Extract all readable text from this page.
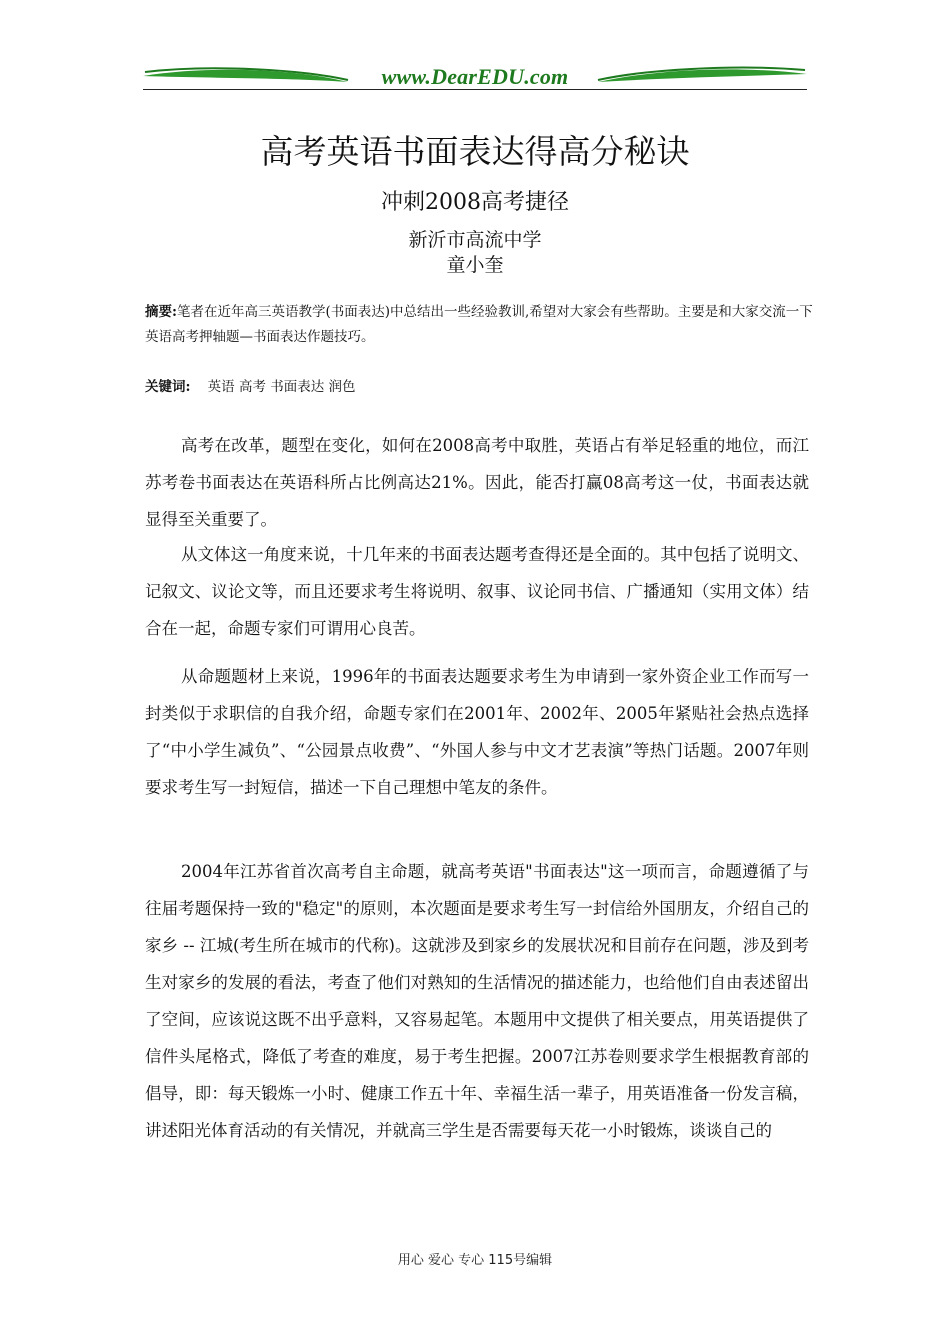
www.DearEDU.com
高考英语书面表达得高分秘诀
冲刺2008高考捷径
新沂市高流中学
童小奎
摘要:笔者在近年高三英语教学(书面表达)中总结出一些经验教训,希望对大家会有些帮助。主要是和大家交流一下英语高考押轴题—书面表达作题技巧。
关键词: 英语 高考 书面表达 润色
高考在改革，题型在变化，如何在2008高考中取胜，英语占有举足轻重的地位，而江苏考卷书面表达在英语科所占比例高达21%。因此，能否打赢08高考这一仗，书面表达就显得至关重要了。
从文体这一角度来说，十几年来的书面表达题考查得还是全面的。其中包括了说明文、记叙文、议论文等，而且还要求考生将说明、叙事、议论同书信、广播通知（实用文体）结合在一起，命题专家们可谓用心良苦。
从命题题材上来说，1996年的书面表达题要求考生为申请到一家外资企业工作而写一封类似于求职信的自我介绍，命题专家们在2001年、2002年、2005年紧贴社会热点选择了“中小学生减负”、“公园景点收费”、“外国人参与中文才艺表演”等热门话题。2007年则要求考生写一封短信，描述一下自己理想中笔友的条件。
2004年江苏省首次高考自主命题，就高考英语"书面表达"这一项而言，命题遵循了与往届考题保持一致的"稳定"的原则，本次题面是要求考生写一封信给外国朋友，介绍自己的家乡 -- 江城(考生所在城市的代称)。这就涉及到家乡的发展状况和目前存在问题，涉及到考生对家乡的发展的看法，考查了他们对熟知的生活情况的描述能力，也给他们自由表述留出了空间，应该说这既不出乎意料，又容易起笔。本题用中文提供了相关要点，用英语提供了信件头尾格式，降低了考查的难度，易于考生把握。2007江苏卷则要求学生根据教育部的倡导，即：每天锻炼一小时、健康工作五十年、幸福生活一辈子，用英语准备一份发言稿，讲述阳光体育活动的有关情况，并就高三学生是否需要每天花一小时锻炼，谈谈自己的
用心 爱心 专心 115号编辑
